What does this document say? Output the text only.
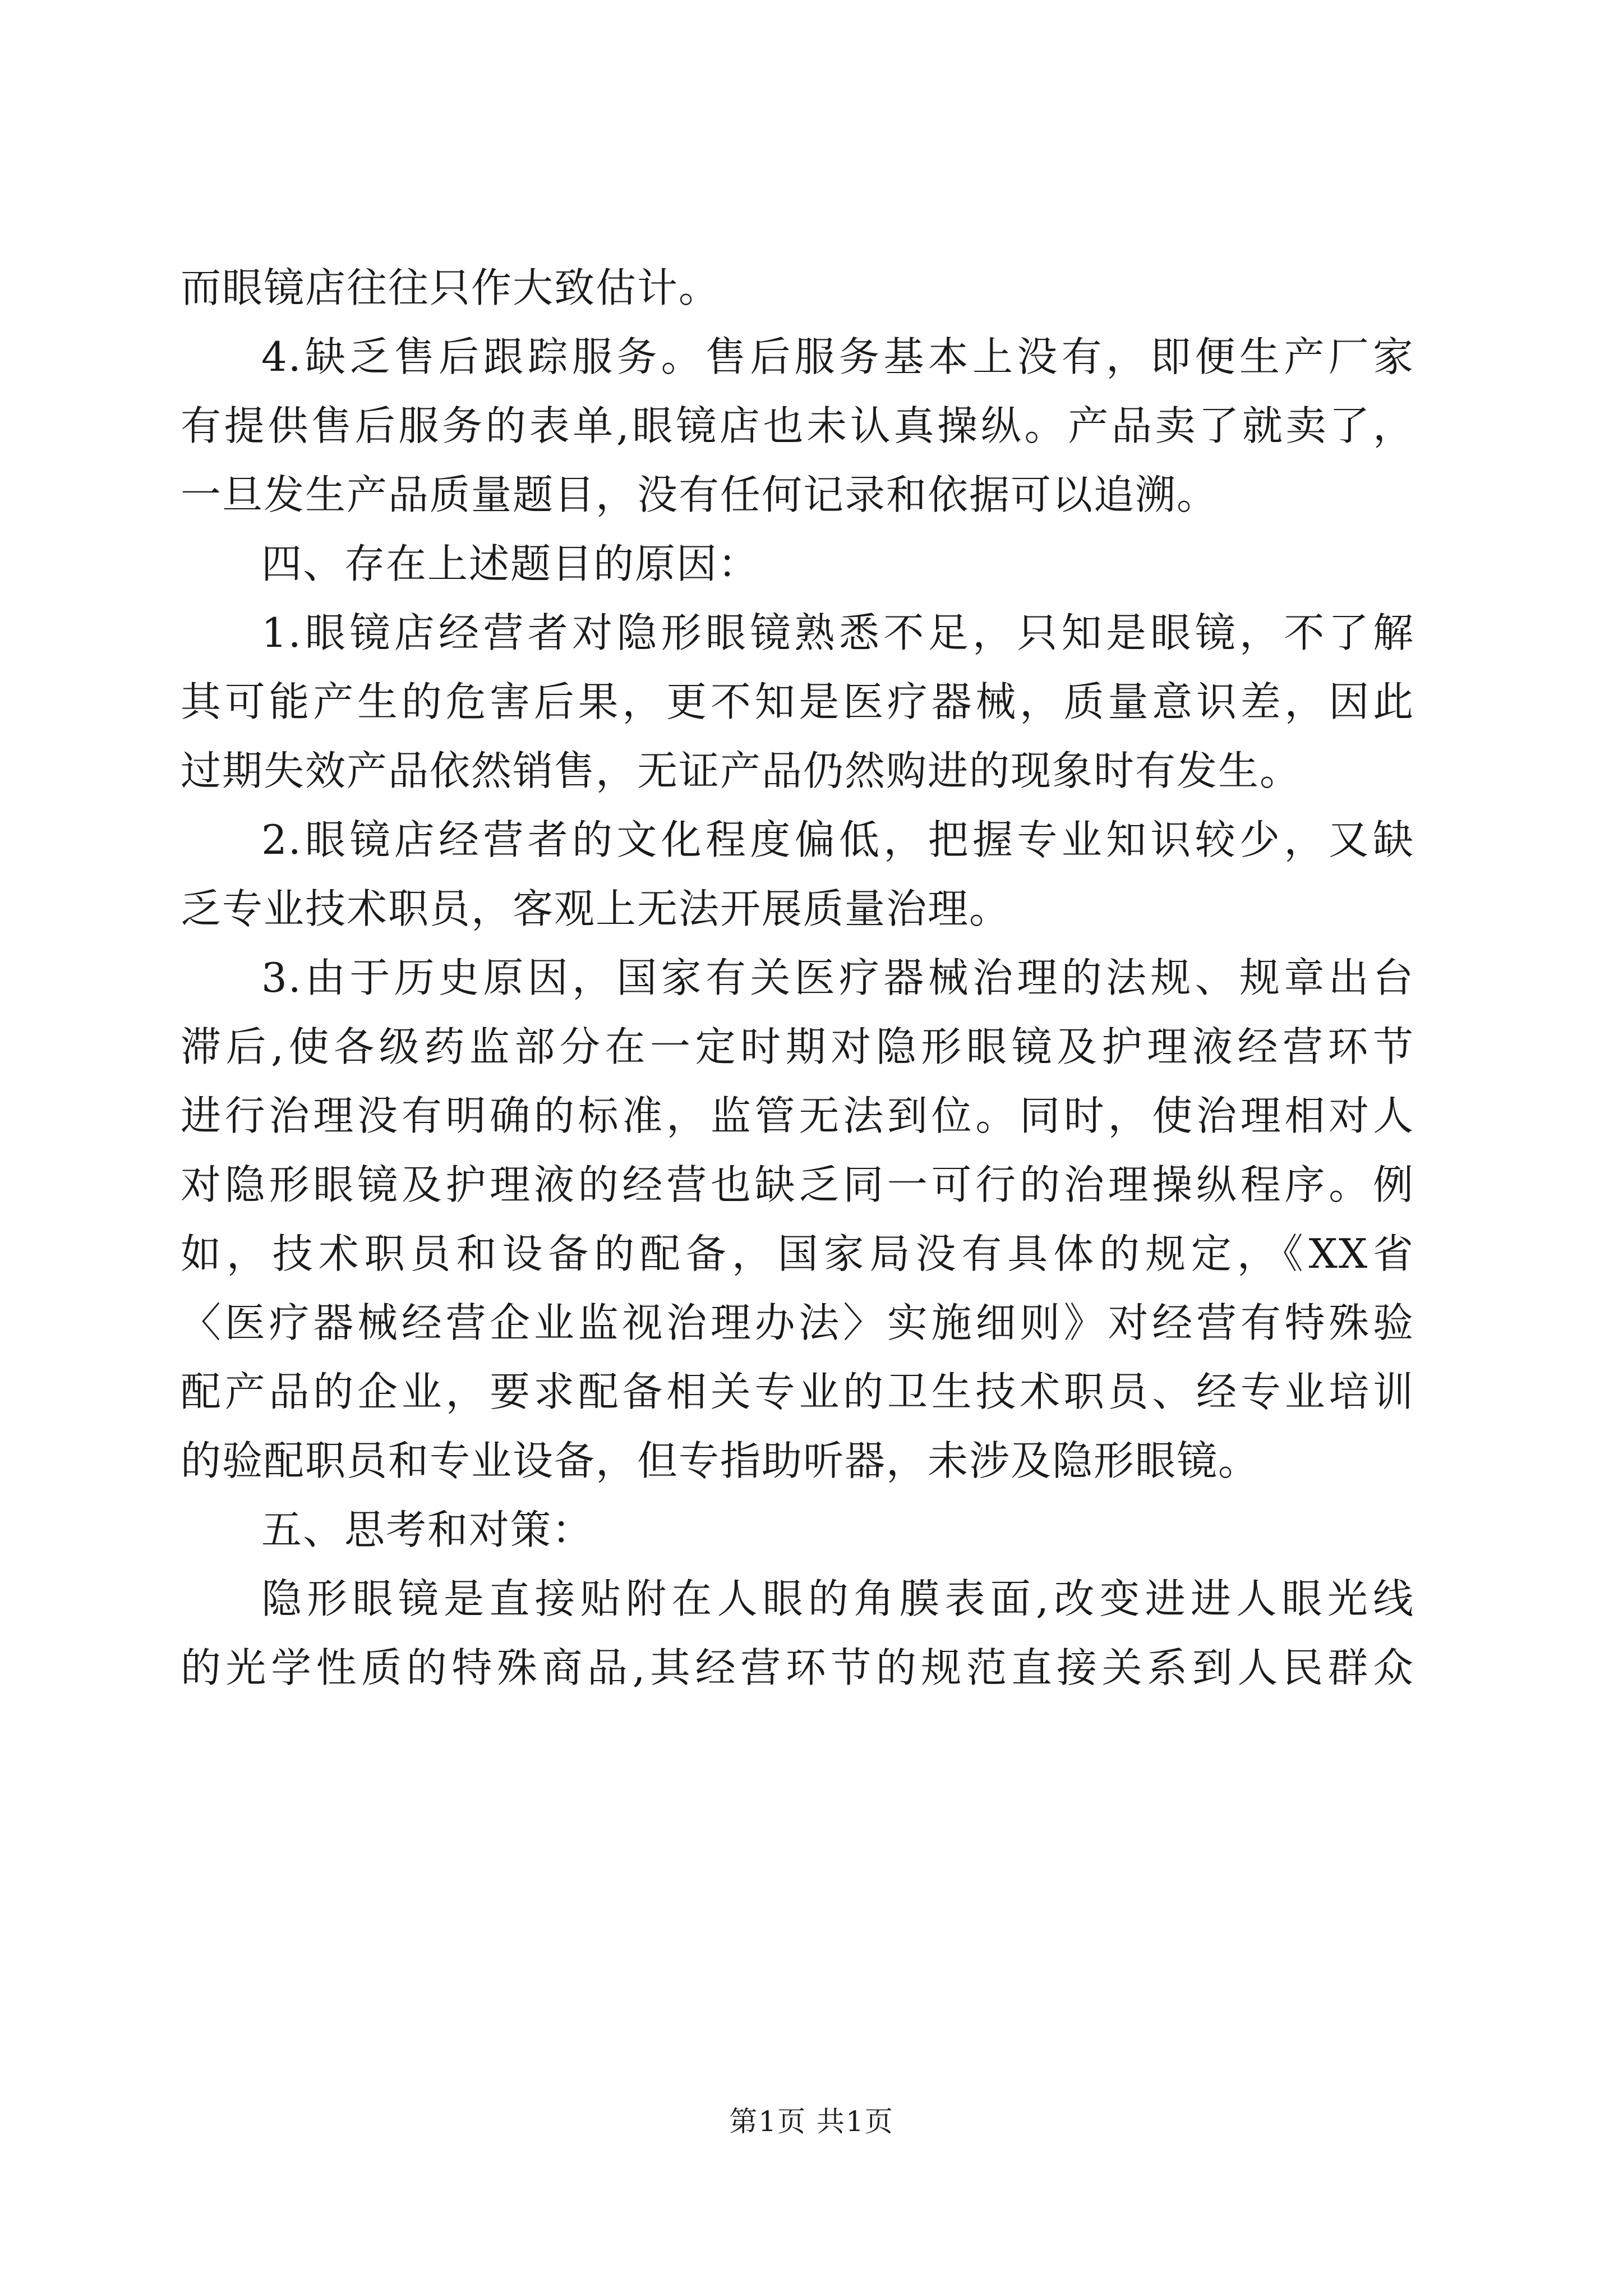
而眼镜店往往只作大致估计。
4.缺乏售后跟踪服务。售后服务基本上没有，即便生产厂家
有提供售后服务的表单,眼镜店也未认真操纵。产品卖了就卖了，
一旦发生产品质量题目，没有任何记录和依据可以追溯。
四、存在上述题目的原因：
1.眼镜店经营者对隐形眼镜熟悉不足，只知是眼镜，不了解
其可能产生的危害后果，更不知是医疗器械，质量意识差，因此
过期失效产品依然销售，无证产品仍然购进的现象时有发生。
2.眼镜店经营者的文化程度偏低，把握专业知识较少，又缺
乏专业技术职员，客观上无法开展质量治理。
3.由于历史原因，国家有关医疗器械治理的法规、规章出台
滞后,使各级药监部分在一定时期对隐形眼镜及护理液经营环节
进行治理没有明确的标准，监管无法到位。同时，使治理相对人
对隐形眼镜及护理液的经营也缺乏同一可行的治理操纵程序。例
如，技术职员和设备的配备，国家局没有具体的规定，《XX省
〈医疗器械经营企业监视治理办法〉实施细则》对经营有特殊验
配产品的企业，要求配备相关专业的卫生技术职员、经专业培训
的验配职员和专业设备，但专指助听器，未涉及隐形眼镜。
五、思考和对策：
隐形眼镜是直接贴附在人眼的角膜表面,改变进进人眼光线
的光学性质的特殊商品,其经营环节的规范直接关系到人民群众
第1页 共1页
